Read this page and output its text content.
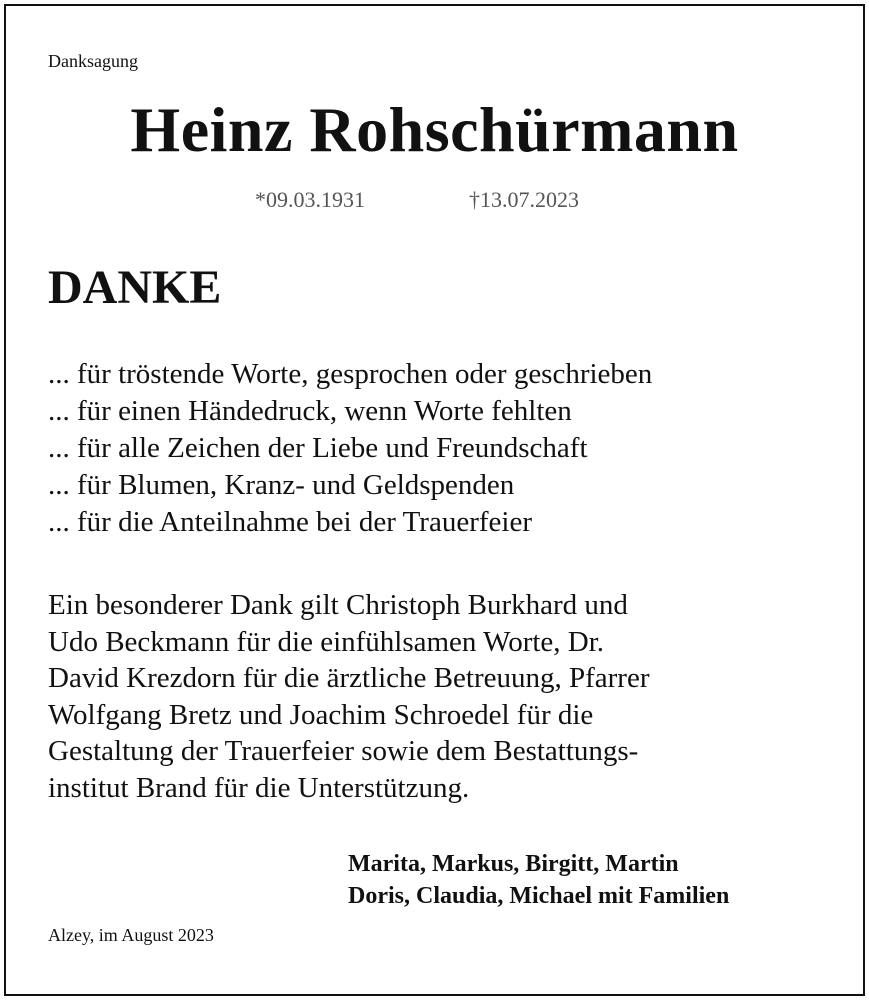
Danksagung
Heinz Rohschürmann
*09.03.1931	†13.07.2023
DANKE
... für tröstende Worte, gesprochen oder geschrieben
... für einen Händedruck, wenn Worte fehlten
... für alle Zeichen der Liebe und Freundschaft
... für Blumen, Kranz- und Geldspenden
... für die Anteilnahme bei der Trauerfeier
Ein besonderer Dank gilt Christoph Burkhard und
Udo Beckmann für die einfühlsamen Worte, Dr.
David Krezdorn für die ärztliche Betreuung, Pfarrer
Wolfgang Bretz und Joachim Schroedel für die
Gestaltung der Trauerfeier sowie dem Bestattungs-
institut Brand für die Unterstützung.
Marita, Markus, Birgitt, Martin
Doris, Claudia, Michael mit Familien
Alzey, im August 2023
